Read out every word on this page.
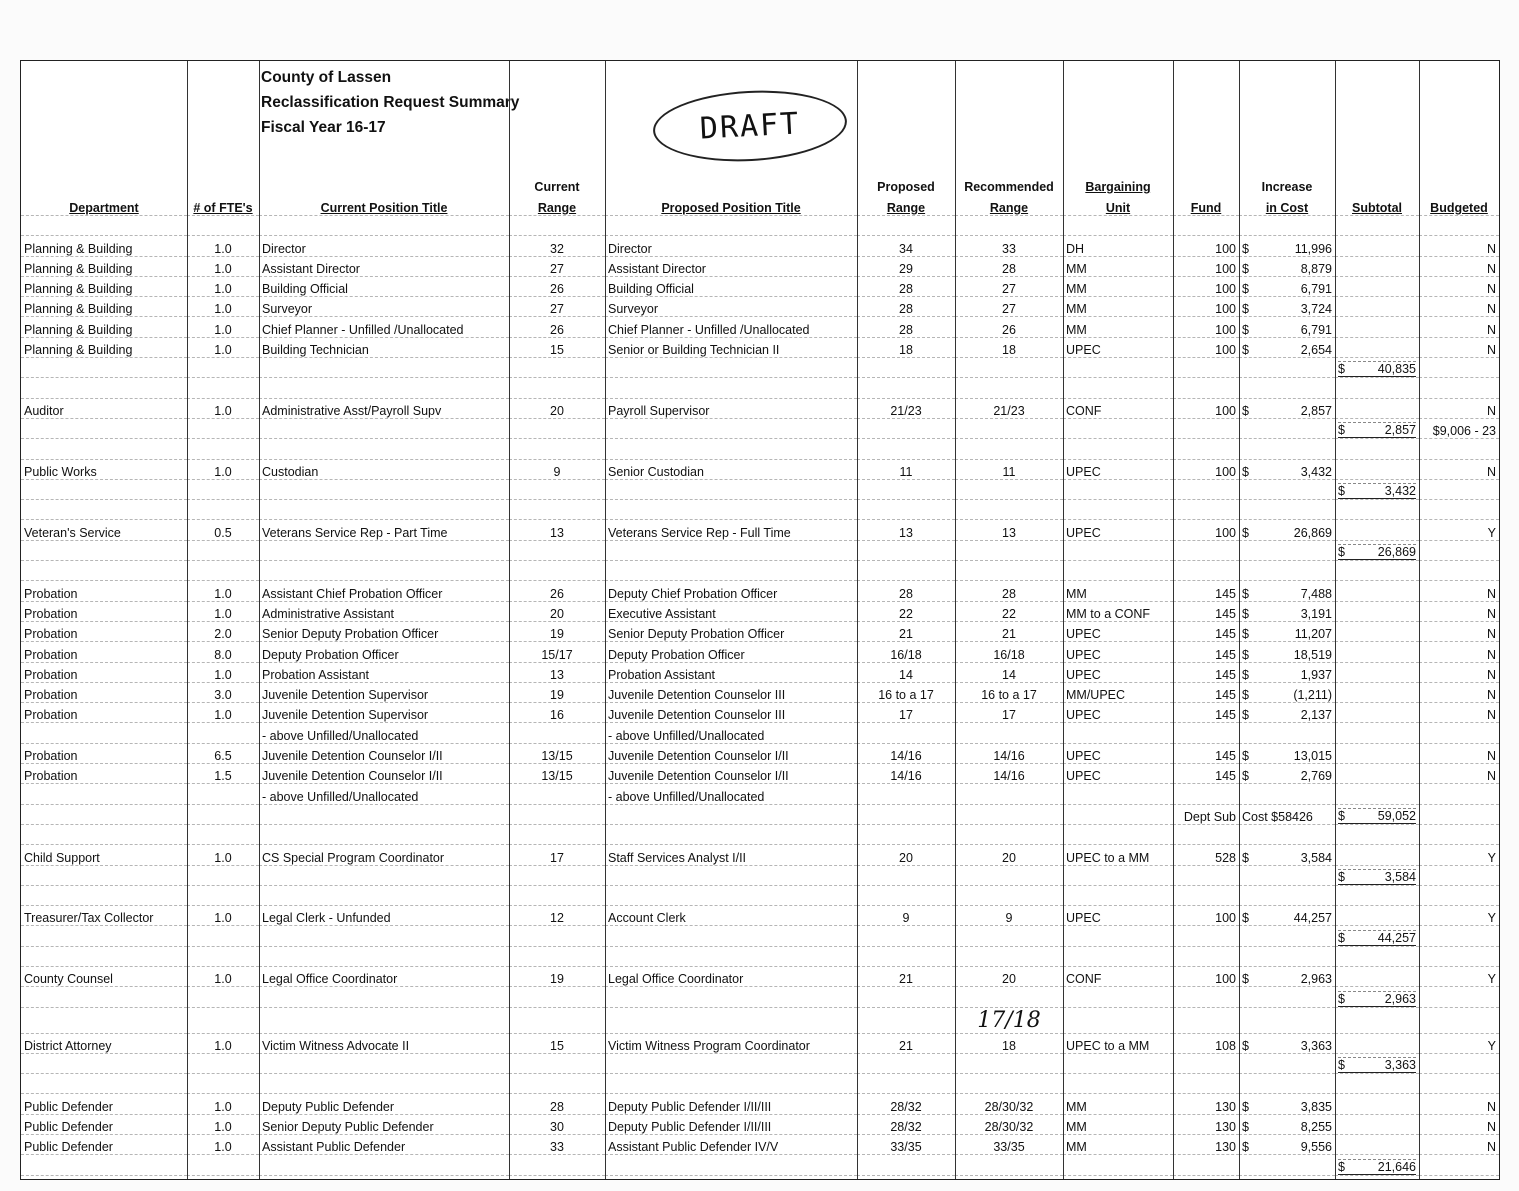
County of Lassen
Reclassification Request Summary
Fiscal Year 16-17	DRAFT
			Current		Proposed	Recommended	Bargaining		Increase		
Department	# of FTE's	Current Position Title	Range	Proposed Position Title	Range	Range	Unit	Fund	in Cost	Subtotal	Budgeted

Planning & Building	1.0	Director	32	Director	34	33	DH	100	$ 11,996		N
Planning & Building	1.0	Assistant Director	27	Assistant Director	29	28	MM	100	$ 8,879		N
Planning & Building	1.0	Building Official	26	Building Official	28	27	MM	100	$ 6,791		N
Planning & Building	1.0	Surveyor	27	Surveyor	28	27	MM	100	$ 3,724		N
Planning & Building	1.0	Chief Planner - Unfilled /Unallocated	26	Chief Planner - Unfilled /Unallocated	28	26	MM	100	$ 6,791		N
Planning & Building	1.0	Building Technician	15	Senior or Building Technician II	18	18	UPEC	100	$ 2,654		N

										$ 40,835	

Auditor	1.0	Administrative Asst/Payroll Supv	20	Payroll Supervisor	21/23	21/23	CONF	100	$ 2,857		N

										$ 2,857	$9,006 - 23

Public Works	1.0	Custodian	9	Senior Custodian	11	11	UPEC	100	$ 3,432		N

										$ 3,432	

Veteran's Service	0.5	Veterans Service Rep - Part Time	13	Veterans Service Rep - Full Time	13	13	UPEC	100	$ 26,869		Y

										$ 26,869	

Probation	1.0	Assistant Chief Probation Officer	26	Deputy Chief Probation Officer	28	28	MM	145	$ 7,488		N
Probation	1.0	Administrative Assistant	20	Executive Assistant	22	22	MM to a CONF	145	$ 3,191		N
Probation	2.0	Senior Deputy Probation Officer	19	Senior Deputy Probation Officer	21	21	UPEC	145	$ 11,207		N
Probation	8.0	Deputy Probation Officer	15/17	Deputy Probation Officer	16/18	16/18	UPEC	145	$ 18,519		N
Probation	1.0	Probation Assistant	13	Probation Assistant	14	14	UPEC	145	$ 1,937		N
Probation	3.0	Juvenile Detention Supervisor	19	Juvenile Detention Counselor III	16 to a 17	16 to a 17	MM/UPEC	145	$ (1,211)		N
Probation	1.0	Juvenile Detention Supervisor	16	Juvenile Detention Counselor III	17	17	UPEC	145	$ 2,137		N
		- above Unfilled/Unallocated		- above Unfilled/Unallocated							
Probation	6.5	Juvenile Detention Counselor I/II	13/15	Juvenile Detention Counselor I/II	14/16	14/16	UPEC	145	$ 13,015		N
Probation	1.5	Juvenile Detention Counselor I/II	13/15	Juvenile Detention Counselor I/II	14/16	14/16	UPEC	145	$ 2,769		N
		- above Unfilled/Unallocated		- above Unfilled/Unallocated							
								Dept Sub	Cost $58426	$ 59,052	

Child Support	1.0	CS Special Program Coordinator	17	Staff Services Analyst I/II	20	20	UPEC to a MM	528	$ 3,584		Y

										$ 3,584	

Treasurer/Tax Collector	1.0	Legal Clerk - Unfunded	12	Account Clerk	9	9	UPEC	100	$ 44,257		Y

										$ 44,257	

County Counsel	1.0	Legal Office Coordinator	19	Legal Office Coordinator	21	20	CONF	100	$ 2,963		Y

										$ 2,963	

						17/18					
District Attorney	1.0	Victim Witness Advocate II	15	Victim Witness Program Coordinator	21	18	UPEC to a MM	108	$ 3,363		Y

										$ 3,363	

Public Defender	1.0	Deputy Public Defender	28	Deputy Public Defender I/II/III	28/32	28/30/32	MM	130	$ 3,835		N
Public Defender	1.0	Senior Deputy Public Defender	30	Deputy Public Defender I/II/III	28/32	28/30/32	MM	130	$ 8,255		N
Public Defender	1.0	Assistant Public Defender	33	Assistant Public Defender IV/V	33/35	33/35	MM	130	$ 9,556		N

										$ 21,646	
